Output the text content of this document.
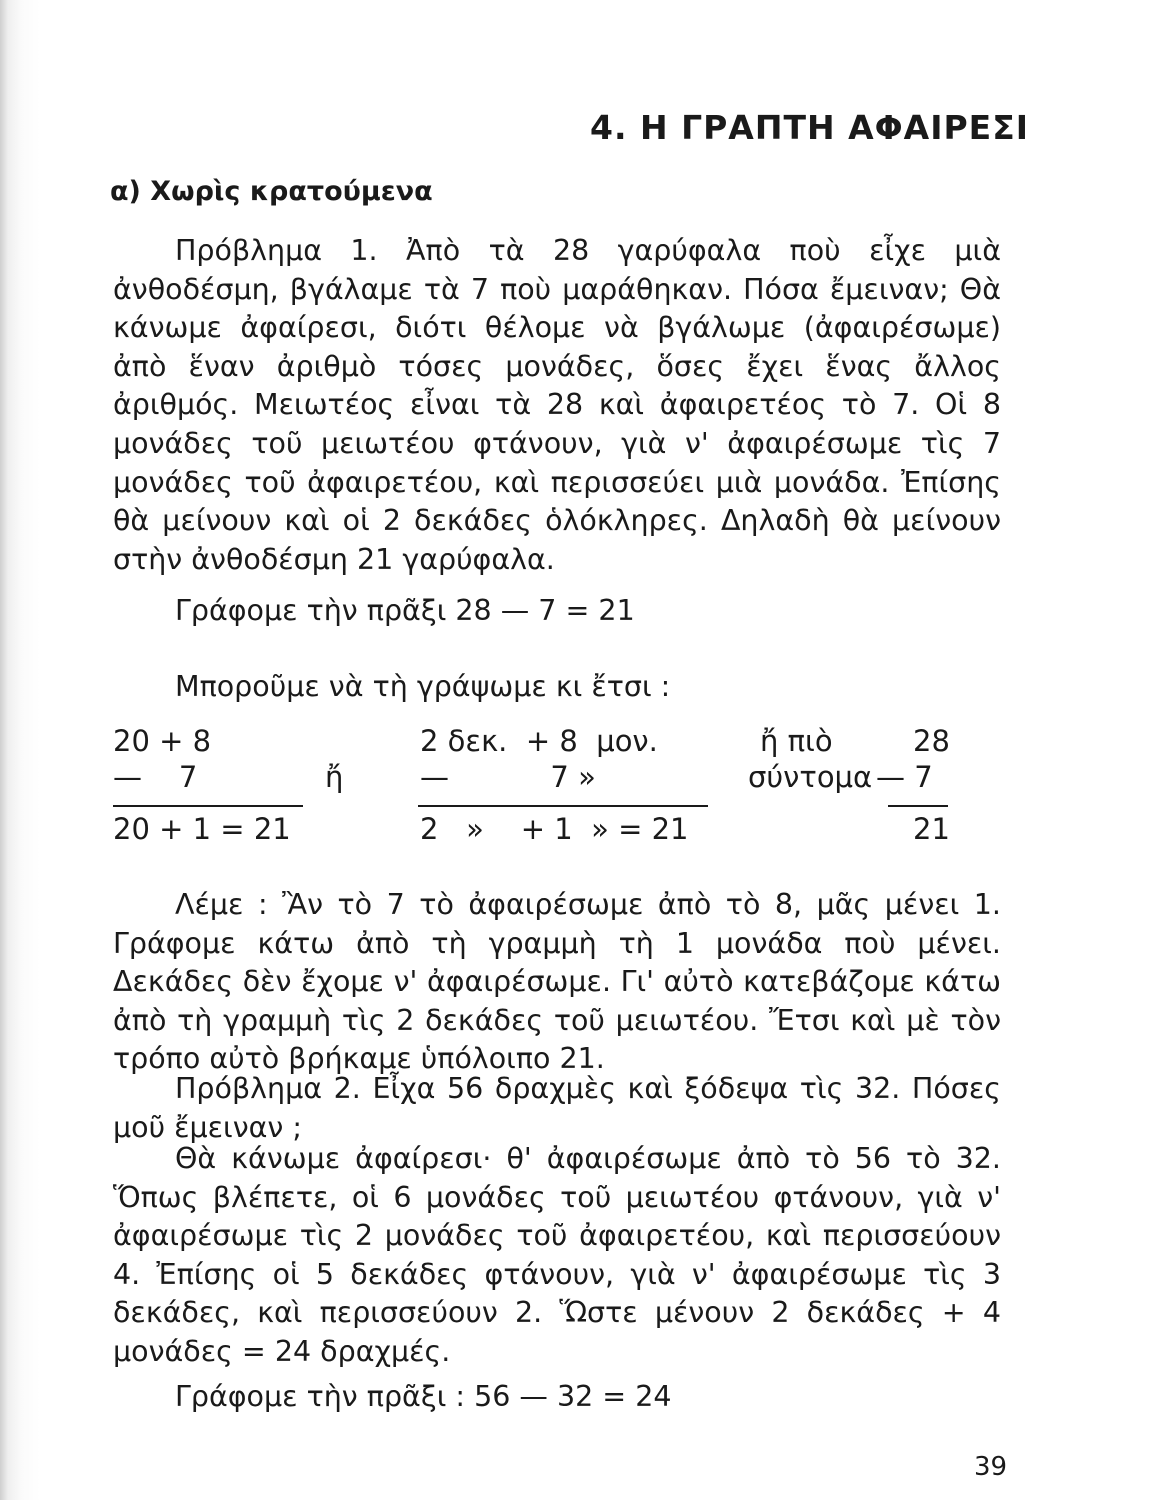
4. Η ΓΡΑΠΤΗ ΑΦΑΙΡΕΣΙ
α) Χωρὶς κρατούμενα

Πρόβλημα 1. Ἀπὸ τὰ 28 γαρύφαλα ποὺ εἶχε μιὰ ἀνθοδέσμη, βγάλαμε τὰ 7 ποὺ μαράθηκαν. Πόσα ἔμειναν; Θὰ κάνωμε ἀφαίρεσι, διότι θέλομε νὰ βγάλωμε (ἀφαιρέσωμε) ἀπὸ ἕναν ἀριθμὸ τόσες μονάδες, ὅσες ἔχει ἕνας ἄλλος ἀριθμός. Μειωτέος εἶναι τὰ 28 καὶ ἀφαιρετέος τὸ 7. Οἱ 8 μονάδες τοῦ μειωτέου φτάνουν, γιὰ ν' ἀφαιρέσωμε τὶς 7 μονάδες τοῦ ἀφαιρετέου, καὶ περισσεύει μιὰ μονάδα. Ἐπίσης θὰ μείνουν καὶ οἱ 2 δεκάδες ὁλόκληρες. Δηλαδὴ θὰ μείνουν στὴν ἀνθοδέσμη 21 γαρύφαλα.

Γράφομε τὴν πρᾶξι 28 — 7 = 21
Μποροῦμε νὰ τὴ γράψωμε κι ἔτσι :
20 + 8
—    7
20 + 1 = 21
ἤ
2 δεκ.  + 8  μον.
—           7 »
2   »    + 1  » = 21
ἤ πιὸ
σύντομα
28
— 7
21

Λέμε : Ἂν τὸ 7 τὸ ἀφαιρέσωμε ἀπὸ τὸ 8, μᾶς μένει 1. Γράφομε κάτω ἀπὸ τὴ γραμμὴ τὴ 1 μονάδα ποὺ μένει. Δεκάδες δὲν ἔχομε ν' ἀφαιρέσωμε. Γι' αὐτὸ κατεβάζομε κάτω ἀπὸ τὴ γραμμὴ τὶς 2 δεκάδες τοῦ μειωτέου. Ἔτσι καὶ μὲ τὸν τρόπο αὐτὸ βρήκαμε ὑπόλοιπο 21.

Πρόβλημα 2. Εἶχα 56 δραχμὲς καὶ ξόδεψα τὶς 32. Πόσες μοῦ ἔμειναν ;

Θὰ κάνωμε ἀφαίρεσι· θ' ἀφαιρέσωμε ἀπὸ τὸ 56 τὸ 32. Ὅπως βλέπετε, οἱ 6 μονάδες τοῦ μειωτέου φτάνουν, γιὰ ν' ἀφαιρέσωμε τὶς 2 μονάδες τοῦ ἀφαιρετέου, καὶ περισσεύουν 4. Ἐπίσης οἱ 5 δεκάδες φτάνουν, γιὰ ν' ἀφαιρέσωμε τὶς 3 δεκάδες, καὶ περισσεύουν 2. Ὥστε μένουν 2 δεκάδες + 4 μονάδες = 24 δραχμές.

Γράφομε τὴν πρᾶξι : 56 — 32 = 24
39
